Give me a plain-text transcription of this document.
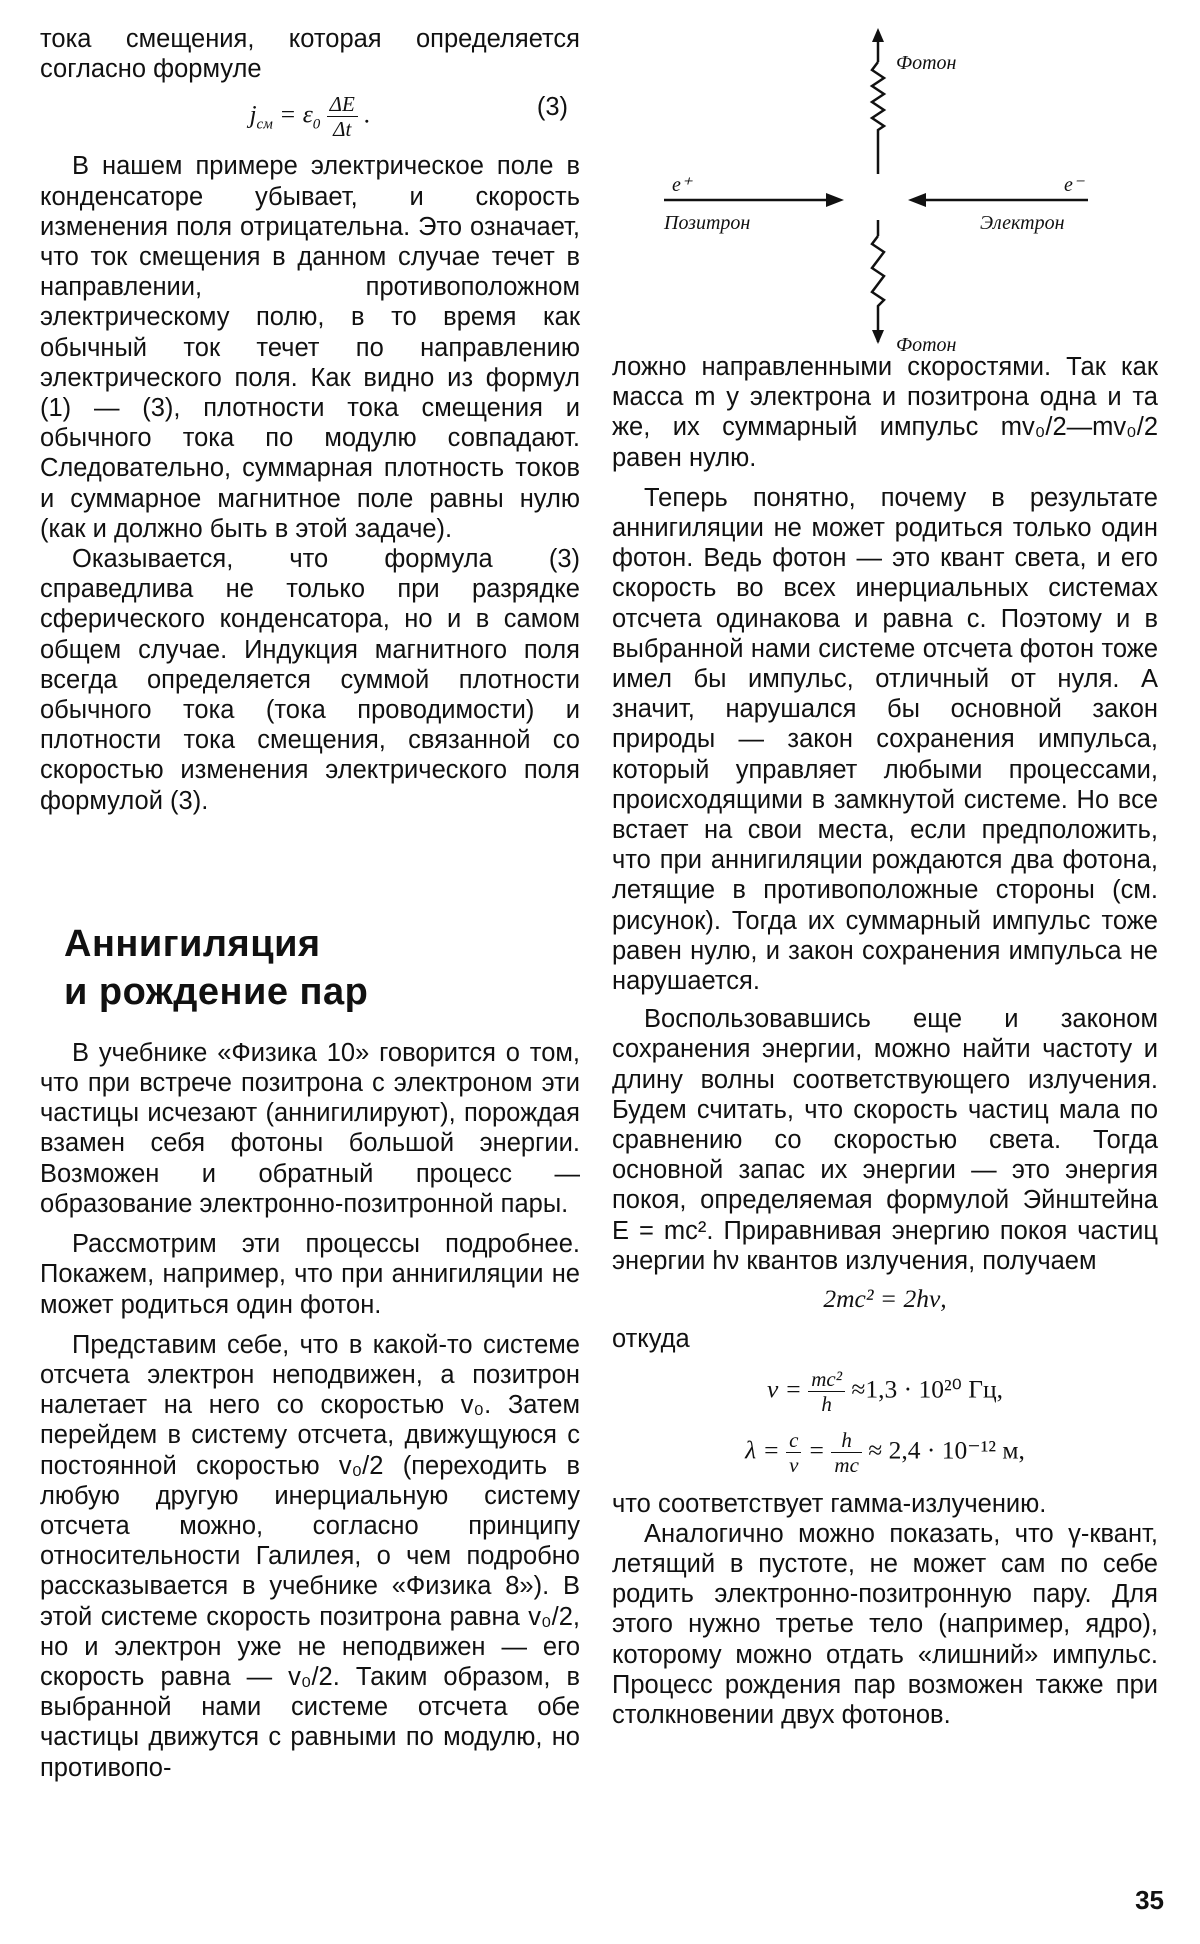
тока смещения, которая определяется согласно формуле

$j_{см} = \varepsilon_0 \frac{\Delta E}{\Delta t}$ .	(3)

В нашем примере электрическое поле в конденсаторе убывает, и скорость изменения поля отрицательна. Это означает, что ток смещения в данном случае течет в направлении, противоположном электрическому полю, в то время как обычный ток течет по направлению электрического поля. Как видно из формул (1) — (3), плотности тока смещения и обычного тока по модулю совпадают. Следовательно, суммарная плотность токов и суммарное магнитное поле равны нулю (как и должно быть в этой задаче).

Оказывается, что формула (3) справедлива не только при разрядке сферического конденсатора, но и в самом общем случае. Индукция магнитного поля всегда определяется суммой плотности обычного тока (тока проводимости) и плотности тока смещения, связанной со скоростью изменения электрического поля формулой (3).

Аннигиляция
и рождение пар

В учебнике «Физика 10» говорится о том, что при встрече позитрона с электроном эти частицы исчезают (аннигилируют), порождая взамен себя фотоны большой энергии. Возможен и обратный процесс — образование электронно-позитронной пары.

Рассмотрим эти процессы подробнее. Покажем, например, что при аннигиляции не может родиться один фотон.

Представим себе, что в какой-то системе отсчета электрон неподвижен, а позитрон налетает на него со скоростью v₀. Затем перейдем в систему отсчета, движущуюся с постоянной скоростью v₀/2 (переходить в любую другую инерциальную систему отсчета можно, согласно принципу относительности Галилея, о чем подробно рассказывается в учебнике «Физика 8»). В этой системе скорость позитрона равна v₀/2, но и электрон уже не неподвижен — его скорость равна — v₀/2. Таким образом, в выбранной нами системе отсчета обе частицы движутся с равными по модулю, но противопо-

Фотон
Фотон
e⁺
Позитрон
e⁻
Электрон

ложно направленными скоростями. Так как масса m у электрона и позитрона одна и та же, их суммарный импульс mv₀/2—mv₀/2 равен нулю.

Теперь понятно, почему в результате аннигиляции не может родиться только один фотон. Ведь фотон — это квант света, и его скорость во всех инерциальных системах отсчета одинакова и равна c. Поэтому и в выбранной нами системе отсчета фотон тоже имел бы импульс, отличный от нуля. А значит, нарушался бы основной закон природы — закон сохранения импульса, который управляет любыми процессами, происходящими в замкнутой системе. Но все встает на свои места, если предположить, что при аннигиляции рождаются два фотона, летящие в противоположные стороны (см. рисунок). Тогда их суммарный импульс тоже равен нулю, и закон сохранения импульса не нарушается.

Воспользовавшись еще и законом сохранения энергии, можно найти частоту и длину волны соответствующего излучения. Будем считать, что скорость частиц мала по сравнению со скоростью света. Тогда основной запас их энергии — это энергия покоя, определяемая формулой Эйнштейна E = mc². Приравнивая энергию покоя частиц энергии hν квантов излучения, получаем

2mc² = 2hν,

откуда

$\nu = \frac{\text{mc²}}{h} \approx 1,3 \cdot 10^{20}$ Гц,
$\lambda = \frac{c}{\nu} = \frac{h}{mc} \approx 2,4 \cdot 10^{-12}$ м,

что соответствует гамма-излучению.

Аналогично можно показать, что γ-квант, летящий в пустоте, не может сам по себе родить электронно-позитронную пару. Для этого нужно третье тело (например, ядро), которому можно отдать «лишний» импульс. Процесс рождения пар возможен также при столкновении двух фотонов.

35
